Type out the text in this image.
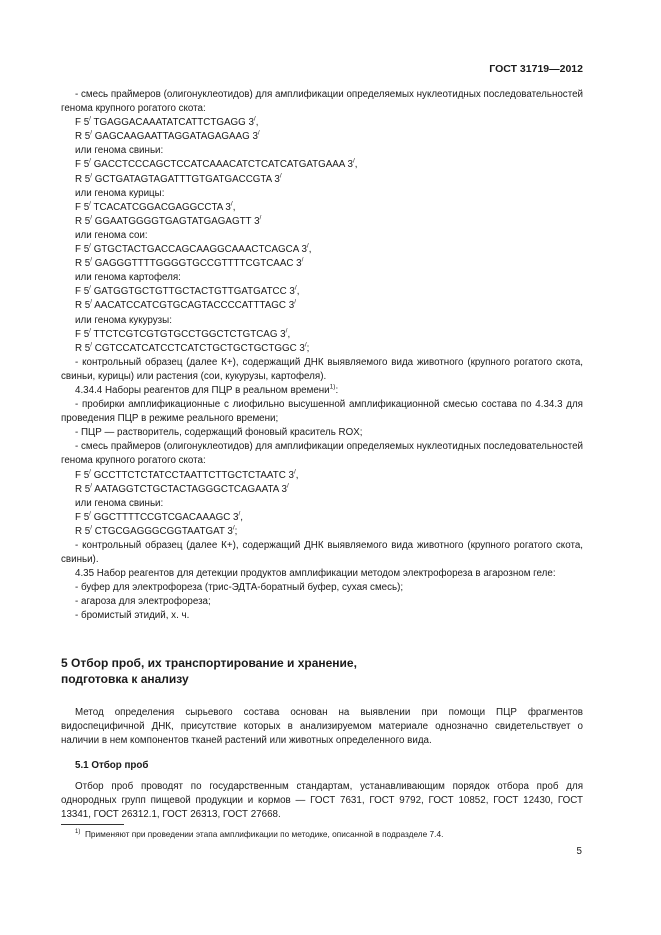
ГОСТ 31719—2012
- смесь праймеров (олигонуклеотидов) для амплификации определяемых нуклеотидных последовательностей генома крупного рогатого скота:
F 5/ TGAGGACAAATATCATTCTGAGG 3/,
R 5/ GAGCAAGAATTAGGATAGAGAAG 3/
или генома свиньи:
F 5/ GACCTCCCAGCTCCATCAAACATCTCATCATGATGAAA 3/,
R 5/ GCTGATAGTAGATTTGTGATGACCGTA 3/
или генома курицы:
F 5/ TCACATCGGACGAGGCCTA 3/,
R 5/ GGAATGGGGTGAGTATGAGAGTT 3/
или генома сои:
F 5/ GTGCTACTGACCAGCAAGGCAAACTCAGCA 3/,
R 5/ GAGGGTTTTGGGGTGCCGTTTTCGTCAAC 3/
или генома картофеля:
F 5/ GATGGTGCTGTTGCTACTGTTGATGATCC 3/,
R 5/ AACATCCATCGTGCAGTACCCCATTTAGC 3/
или генома кукурузы:
F 5/ TTCTCGTCGTGTGCCTGGCTCTGTCAG 3/,
R 5/ CGTCCATCATCCTCATCTGCTGCTGCTGGC 3/;
- контрольный образец (далее К+), содержащий ДНК выявляемого вида животного (крупного рогатого скота, свиньи, курицы) или растения (сои, кукурузы, картофеля).
4.34.4 Наборы реагентов для ПЦР в реальном времени$^{1)}$:
- пробирки амплификационные с лиофильно высушенной амплификационной смесью состава по 4.34.3 для проведения ПЦР в режиме реального времени;
- ПЦР — растворитель, содержащий фоновый краситель ROX;
- смесь праймеров (олигонуклеотидов) для амплификации определяемых нуклеотидных последовательностей генома крупного рогатого скота:
F 5/ GCCTTCTCTATCCTAATTCTTGCTCTAATC 3/,
R 5/ AATAGGTCTGCTACTAGGGCTCAGAATA 3/
или генома свиньи:
F 5/ GGCTTTTCCGTCGACAAAGC 3/,
R 5/ CTGCGAGGGCGGTAATGAT 3/;
- контрольный образец (далее К+), содержащий ДНК выявляемого вида животного (крупного рогатого скота, свиньи).
4.35 Набор реагентов для детекции продуктов амплификации методом электрофореза в агарозном геле:
- буфер для электрофореза (трис-ЭДТА-боратный буфер, сухая смесь);
- агароза для электрофореза;
- бромистый этидий, х. ч.
5 Отбор проб, их транспортирование и хранение,
подготовка к анализу
Метод определения сырьевого состава основан на выявлении при помощи ПЦР фрагментов видоспецифичной ДНК, присутствие которых в анализируемом материале однозначно свидетельствует о наличии в нем компонентов тканей растений или животных определенного вида.
5.1 Отбор проб
Отбор проб проводят по государственным стандартам, устанавливающим порядок отбора проб для однородных групп пищевой продукции и кормов — ГОСТ 7631, ГОСТ 9792, ГОСТ 10852, ГОСТ 12430, ГОСТ 13341, ГОСТ 26312.1, ГОСТ 26313, ГОСТ 27668.
$^{1)}$ Применяют при проведении этапа амплификации по методике, описанной в подразделе 7.4.
5
